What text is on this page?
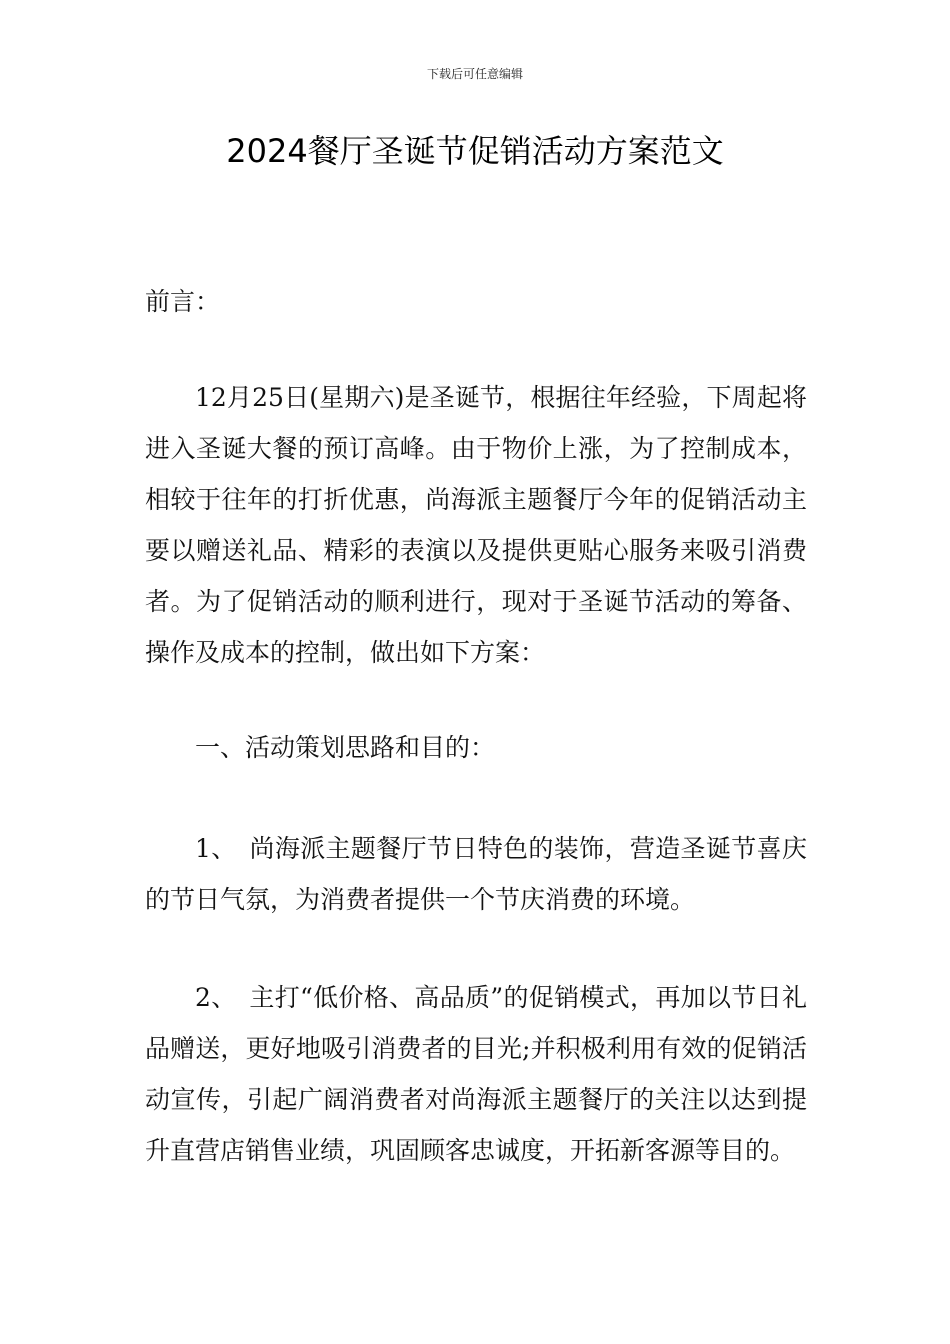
下载后可任意编辑
2024餐厅圣诞节促销活动方案范文

前言：

12月25日(星期六)是圣诞节，根据往年经验，下周起将进入圣诞大餐的预订高峰。由于物价上涨，为了控制成本，相较于往年的打折优惠，尚海派主题餐厅今年的促销活动主要以赠送礼品、精彩的表演以及提供更贴心服务来吸引消费者。为了促销活动的顺利进行，现对于圣诞节活动的筹备、操作及成本的控制，做出如下方案：

一、活动策划思路和目的：

1、　尚海派主题餐厅节日特色的装饰，营造圣诞节喜庆的节日气氛，为消费者提供一个节庆消费的环境。

2、　主打“低价格、高品质”的促销模式，再加以节日礼品赠送，更好地吸引消费者的目光;并积极利用有效的促销活动宣传，引起广阔消费者对尚海派主题餐厅的关注以达到提升直营店销售业绩，巩固顾客忠诚度，开拓新客源等目的。
